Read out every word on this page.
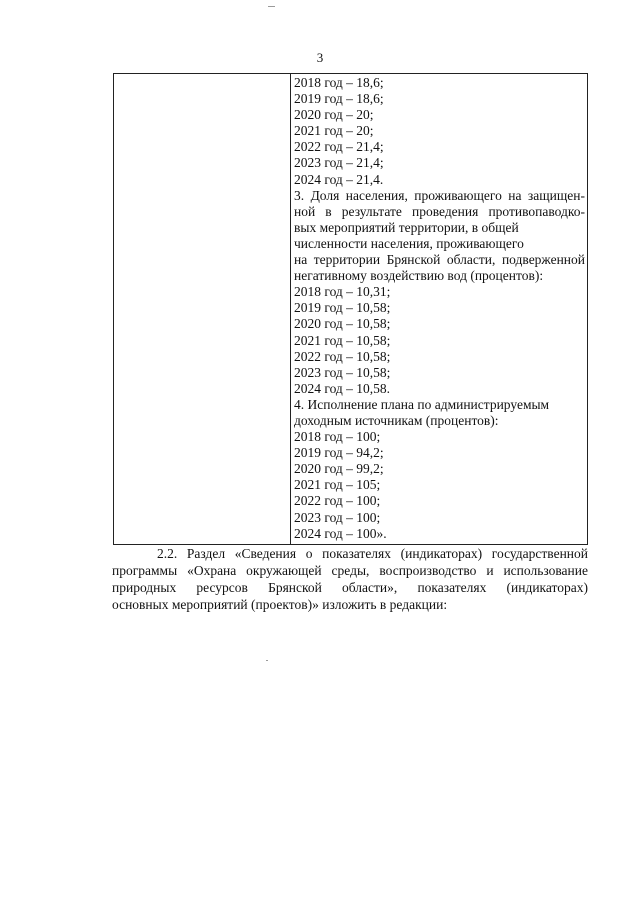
3
2018 год – 18,6;
2019 год – 18,6;
2020 год – 20;
2021 год – 20;
2022 год – 21,4;
2023 год – 21,4;
2024 год – 21,4.
3. Доля населения, проживающего на защищен-
ной в результате проведения противопаводко-
вых мероприятий территории, в общей
численности населения, проживающего
на территории Брянской области, подверженной
негативному воздействию вод (процентов):
2018 год – 10,31;
2019 год – 10,58;
2020 год – 10,58;
2021 год – 10,58;
2022 год – 10,58;
2023 год – 10,58;
2024 год – 10,58.
4. Исполнение плана по администрируемым
доходным источникам (процентов):
2018 год – 100;
2019 год – 94,2;
2020 год – 99,2;
2021 год – 105;
2022 год – 100;
2023 год – 100;
2024 год – 100».
2.2. Раздел «Сведения о показателях (индикаторах) государственной
программы «Охрана окружающей среды, воспроизводство и использование
природных ресурсов Брянской области», показателях (индикаторах)
основных мероприятий (проектов)» изложить в редакции:
